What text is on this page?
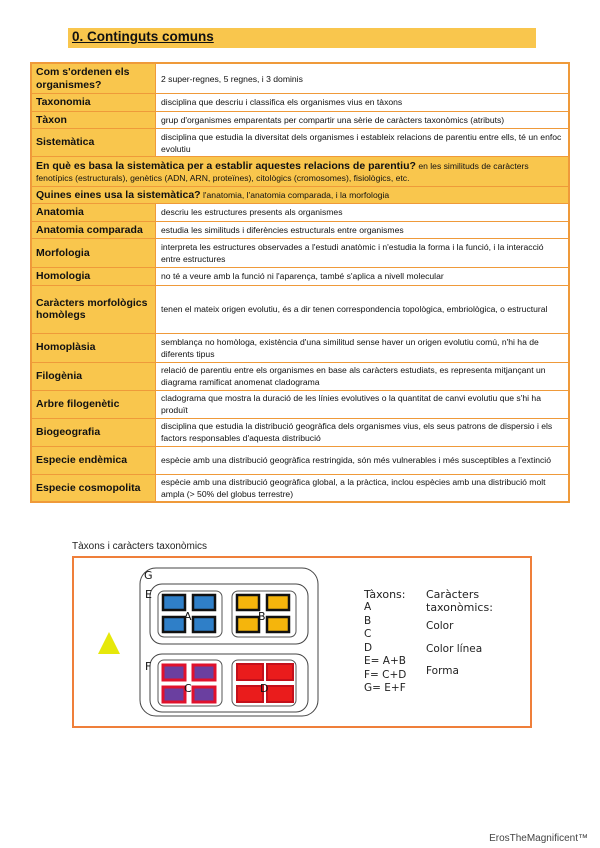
0. Continguts comuns
Com s'ordenen els organismes?	2 super-regnes, 5 regnes, i 3 dominis
Taxonomia	disciplina que descriu i classifica els organismes vius en tàxons
Tàxon	grup d'organismes emparentats per compartir una sèrie de caràcters taxonòmics (atributs)
Sistemàtica	disciplina que estudia la diversitat dels organismes i estableix relacions de parentiu entre ells, té un enfoc evolutiu
En què es basa la sistemàtica per a establir aquestes relacions de parentiu? en les similituds de caràcters fenotípics (estructurals), genètics (ADN, ARN, proteïnes), citològics (cromosomes), fisiològics, etc.	
Quines eines usa la sistemàtica? l'anatomia, l'anatomia comparada, i la morfologia	
Anatomia	descriu les estructures presents als organismes
Anatomia comparada	estudia les similituds i diferències estructurals entre organismes
Morfologia	interpreta les estructures observades a l'estudi anatòmic i n'estudia la forma i la funció, i la interacció entre estructures
Homologia	no té a veure amb la funció ni l'aparença, també s'aplica a nivell molecular
Caràcters morfològics homòlegs	tenen el mateix origen evolutiu, és a dir tenen correspondencia topològica, embriològica, o estructural
Homoplàsia	semblança no homòloga, existència d'una similitud sense haver un origen evolutiu comú, n'hi ha de diferents tipus
Filogènia	relació de parentiu entre els organismes en base als caràcters estudiats, es representa mitjançant un diagrama ramificat anomenat cladograma
Arbre filogenètic	cladograma que mostra la duració de les línies evolutives o la quantitat de canvi evolutiu que s'hi ha produït
Biogeografia	disciplina que estudia la distribució geogràfica dels organismes vius, els seus patrons de dispersio i els factors responsables d'aquesta distribució
Especie endèmica	espècie amb una distribució geogràfica restringida, són més vulnerables i més susceptibles a l'extinció
Especie cosmopolita	espècie amb una distribució geogràfica global, a la pràctica, inclou espècies amb una distribució molt ampla (> 50% del globus terrestre)
Tàxons i caràcters taxonòmics
G
E
F
A	B
C	D
Tàxons:
A
B
C
D
E= A+B
F= C+D
G= E+F
Caràcters
taxonòmics:
Color
Color línea
Forma
ErosTheMagnificent™
